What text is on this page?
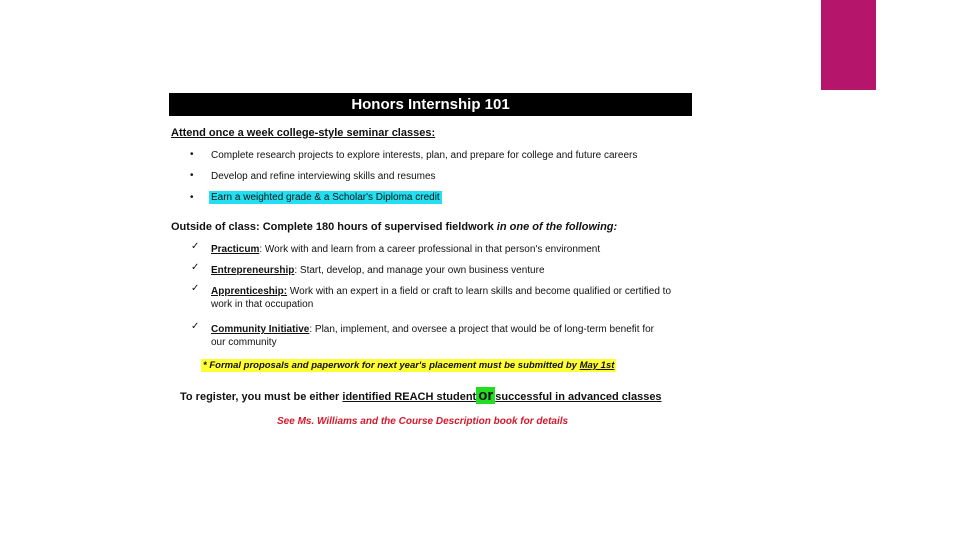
Honors Internship 101
Attend once a week college-style seminar classes:
• Complete research projects to explore interests, plan, and prepare for college and future careers
• Develop and refine interviewing skills and resumes
• Earn a weighted grade & a Scholar's Diploma credit
Outside of class: Complete 180 hours of supervised fieldwork in one of the following:
✓ Practicum: Work with and learn from a career professional in that person's environment
✓ Entrepreneurship: Start, develop, and manage your own business venture
✓ Apprenticeship: Work with an expert in a field or craft to learn skills and become qualified or certified to work in that occupation
✓ Community Initiative: Plan, implement, and oversee a project that would be of long-term benefit for our community
* Formal proposals and paperwork for next year's placement must be submitted by May 1st
To register, you must be either identified REACH student or successful in advanced classes
See Ms. Williams and the Course Description book for details
